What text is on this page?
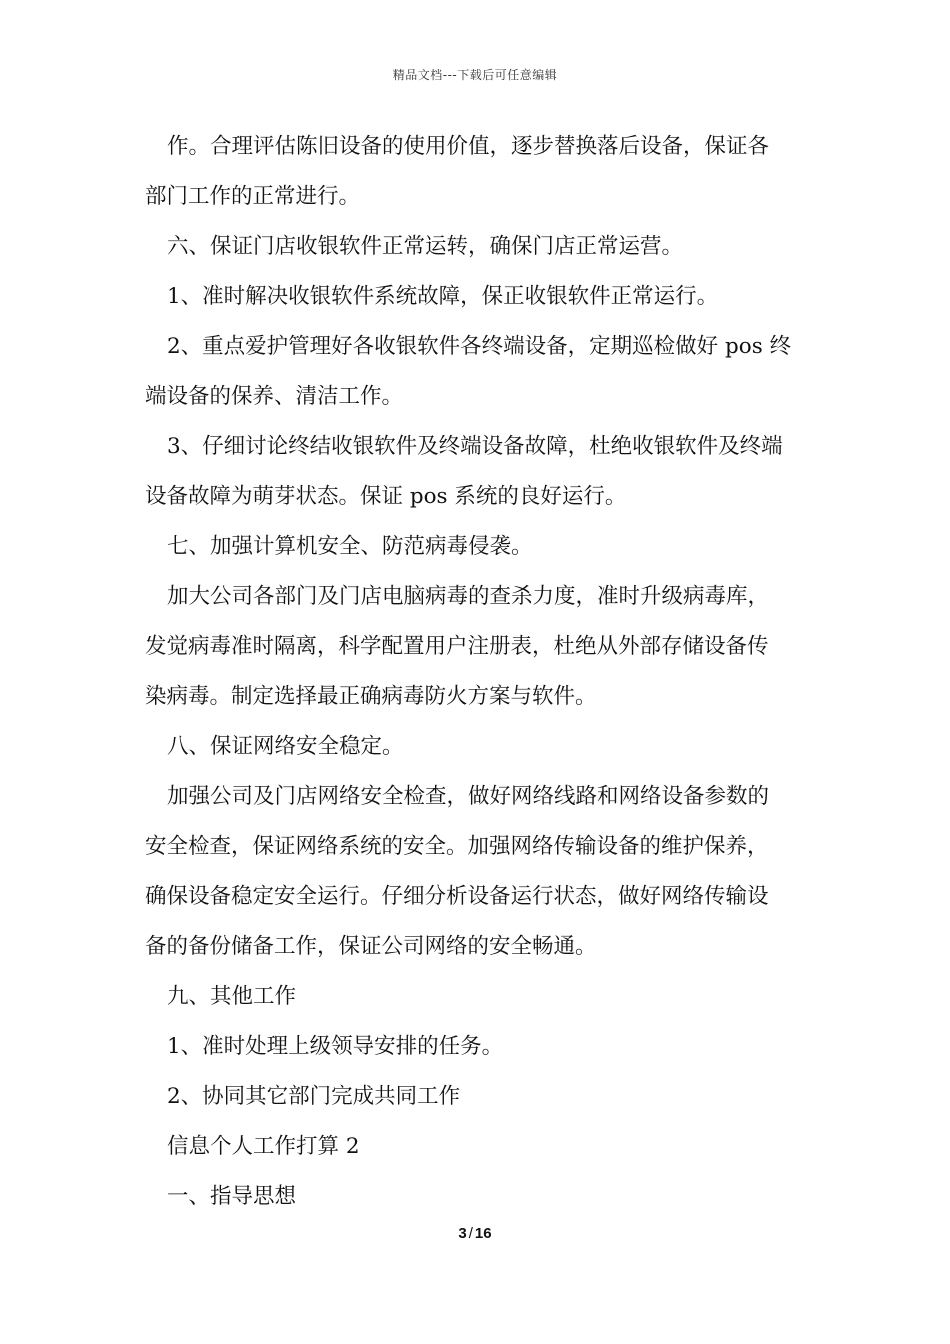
精品文档---下载后可任意编辑
作。合理评估陈旧设备的使用价值，逐步替换落后设备，保证各
部门工作的正常进行。
六、保证门店收银软件正常运转，确保门店正常运营。
1、准时解决收银软件系统故障，保正收银软件正常运行。
2、重点爱护管理好各收银软件各终端设备，定期巡检做好 pos 终
端设备的保养、清洁工作。
3、仔细讨论终结收银软件及终端设备故障，杜绝收银软件及终端
设备故障为萌芽状态。保证 pos 系统的良好运行。
七、加强计算机安全、防范病毒侵袭。
加大公司各部门及门店电脑病毒的查杀力度，准时升级病毒库，
发觉病毒准时隔离，科学配置用户注册表，杜绝从外部存储设备传
染病毒。制定选择最正确病毒防火方案与软件。
八、保证网络安全稳定。
加强公司及门店网络安全检查，做好网络线路和网络设备参数的
安全检查，保证网络系统的安全。加强网络传输设备的维护保养，
确保设备稳定安全运行。仔细分析设备运行状态，做好网络传输设
备的备份储备工作，保证公司网络的安全畅通。
九、其他工作
1、准时处理上级领导安排的任务。
2、协同其它部门完成共同工作
信息个人工作打算 2
一、指导思想
3 / 16
